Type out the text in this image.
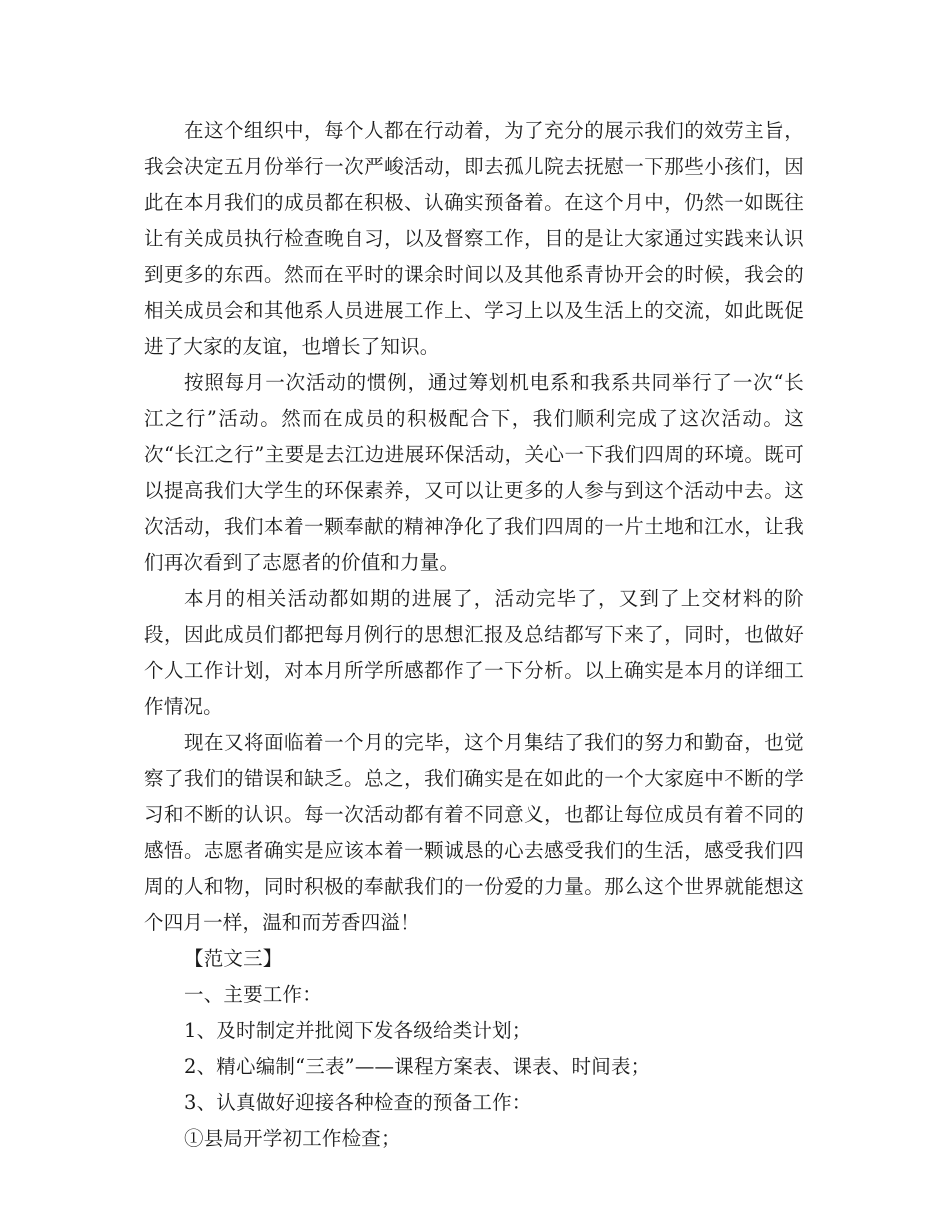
在这个组织中，每个人都在行动着，为了充分的展示我们的效劳主旨，我会决定五月份举行一次严峻活动，即去孤儿院去抚慰一下那些小孩们，因此在本月我们的成员都在积极、认确实预备着。在这个月中，仍然一如既往让有关成员执行检查晚自习，以及督察工作，目的是让大家通过实践来认识到更多的东西。然而在平时的课余时间以及其他系青协开会的时候，我会的相关成员会和其他系人员进展工作上、学习上以及生活上的交流，如此既促进了大家的友谊，也增长了知识。

按照每月一次活动的惯例，通过筹划机电系和我系共同举行了一次“长江之行”活动。然而在成员的积极配合下，我们顺利完成了这次活动。这次“长江之行”主要是去江边进展环保活动，关心一下我们四周的环境。既可以提高我们大学生的环保素养，又可以让更多的人参与到这个活动中去。这次活动，我们本着一颗奉献的精神净化了我们四周的一片土地和江水，让我们再次看到了志愿者的价值和力量。

本月的相关活动都如期的进展了，活动完毕了，又到了上交材料的阶段，因此成员们都把每月例行的思想汇报及总结都写下来了，同时，也做好个人工作计划，对本月所学所感都作了一下分析。以上确实是本月的详细工作情况。

现在又将面临着一个月的完毕，这个月集结了我们的努力和勤奋，也觉察了我们的错误和缺乏。总之，我们确实是在如此的一个大家庭中不断的学习和不断的认识。每一次活动都有着不同意义，也都让每位成员有着不同的感悟。志愿者确实是应该本着一颗诚恳的心去感受我们的生活，感受我们四周的人和物，同时积极的奉献我们的一份爱的力量。那么这个世界就能想这个四月一样，温和而芳香四溢！

【范文三】

一、主要工作：

1、及时制定并批阅下发各级给类计划；

2、精心编制“三表”——课程方案表、课表、时间表；

3、认真做好迎接各种检查的预备工作：

①县局开学初工作检查；
